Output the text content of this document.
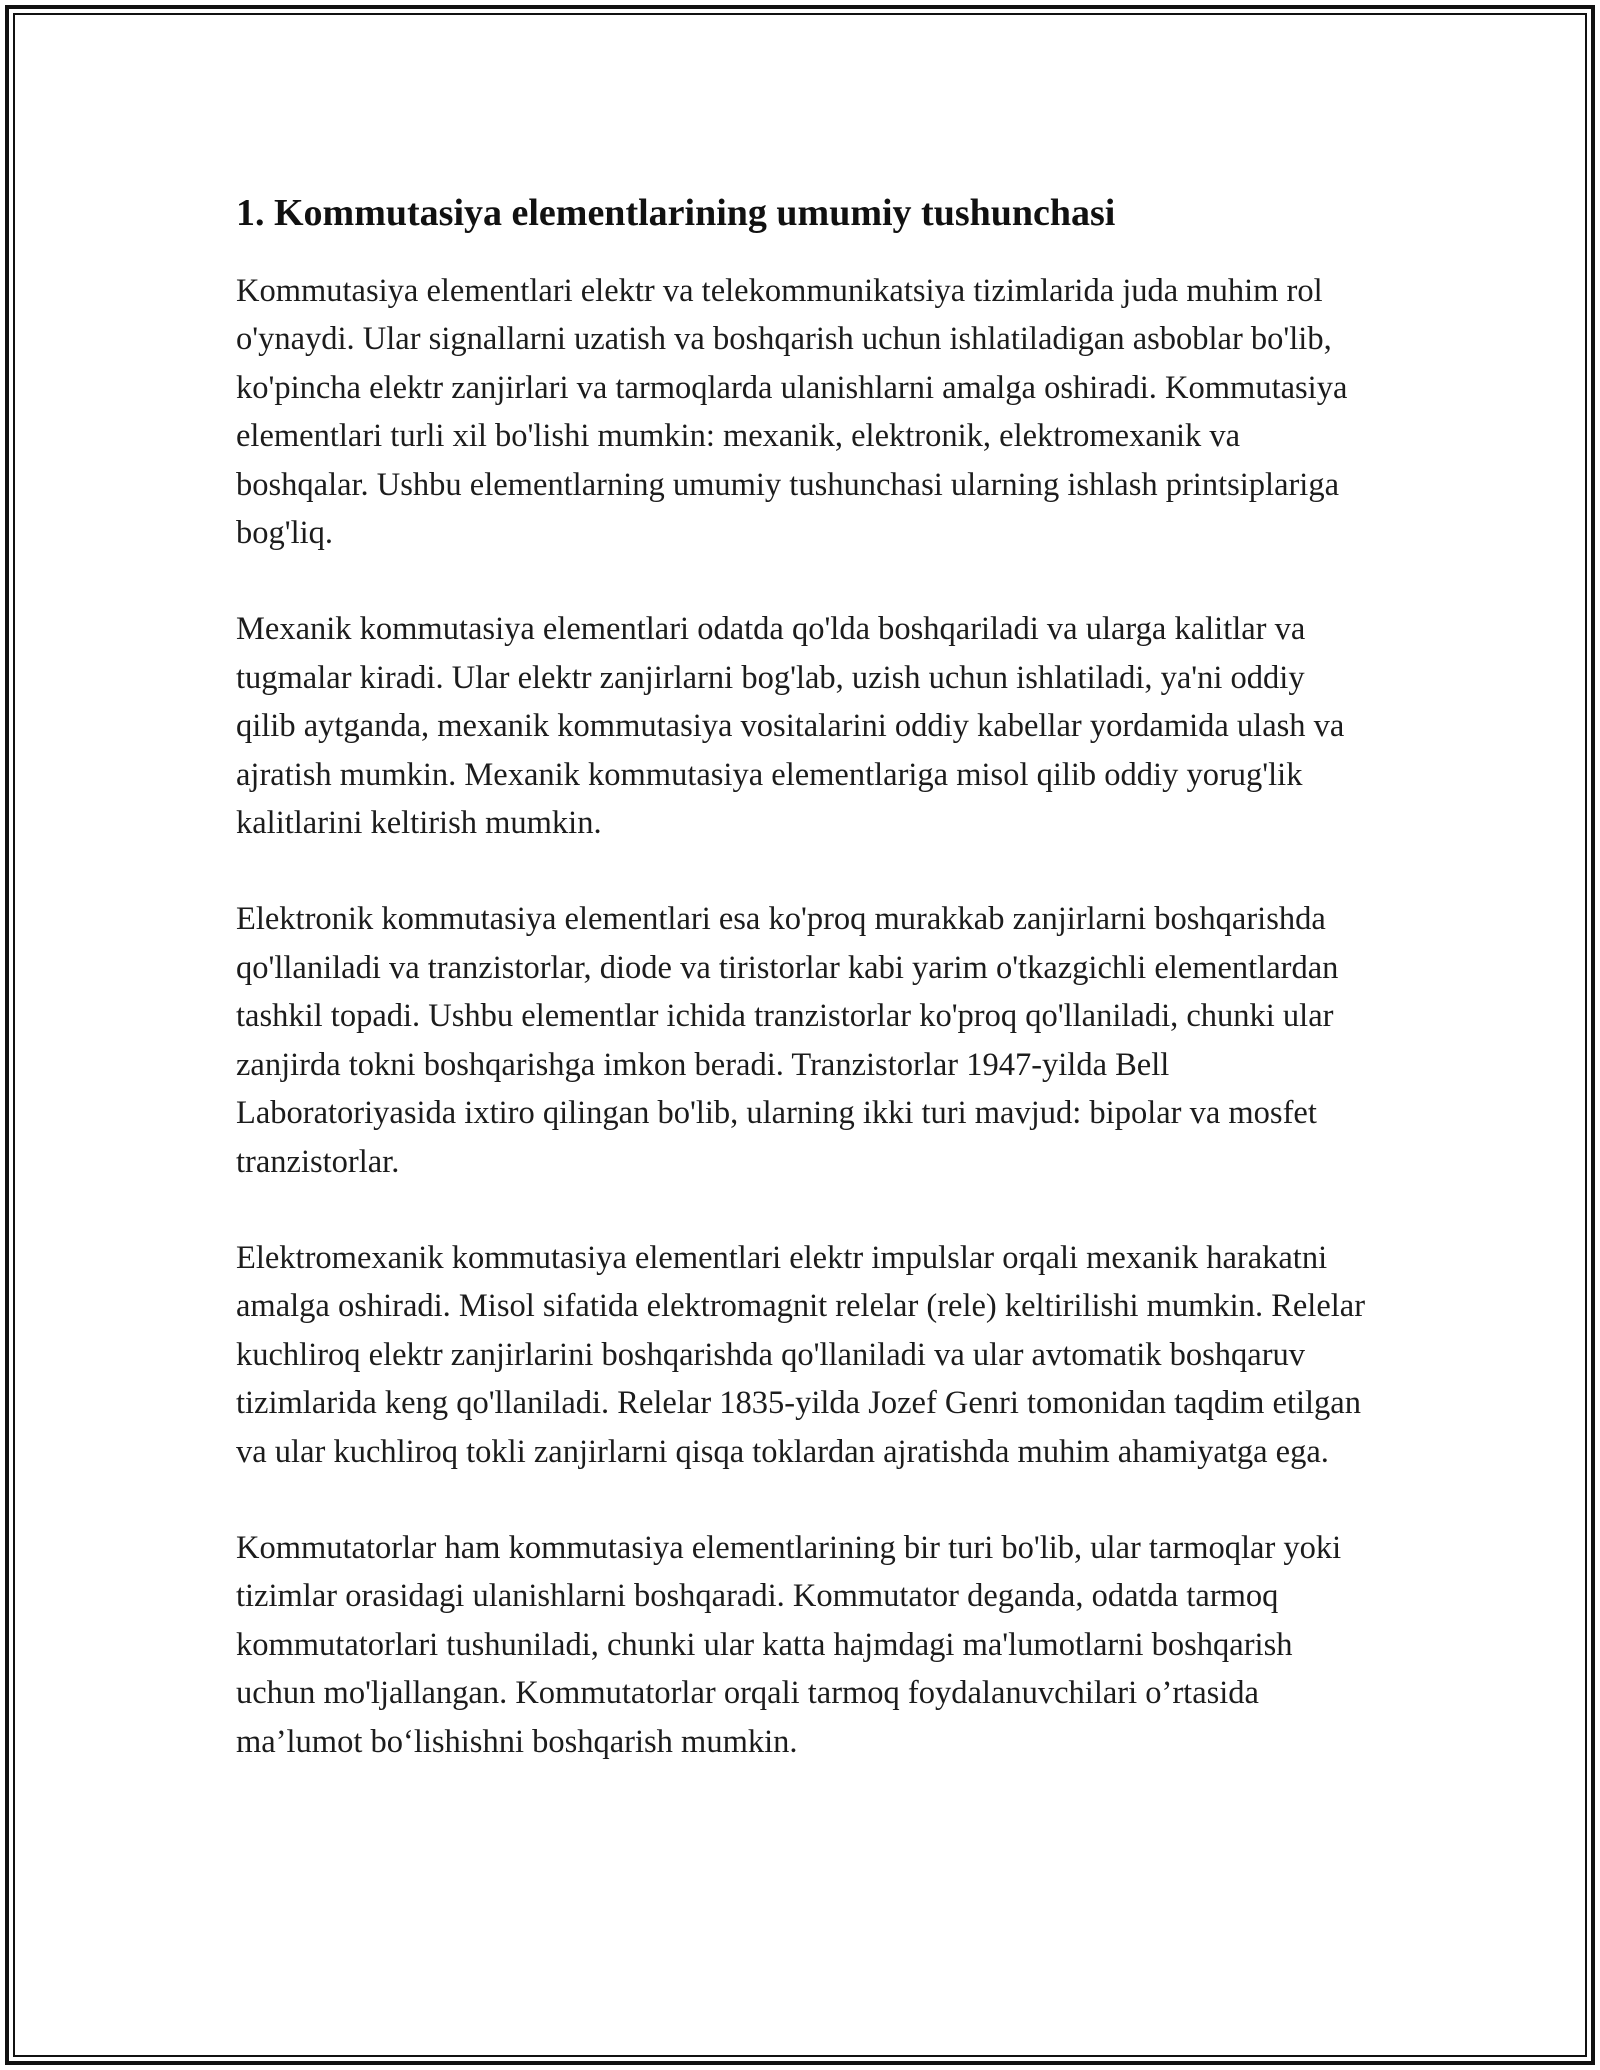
1. Kommutasiya elementlarining umumiy tushunchasi

Kommutasiya elementlari elektr va telekommunikatsiya tizimlarida juda muhim rol o'ynaydi. Ular signallarni uzatish va boshqarish uchun ishlatiladigan asboblar bo'lib, ko'pincha elektr zanjirlari va tarmoqlarda ulanishlarni amalga oshiradi. Kommutasiya elementlari turli xil bo'lishi mumkin: mexanik, elektronik, elektromexanik va boshqalar. Ushbu elementlarning umumiy tushunchasi ularning ishlash printsiplariga bog'liq.

Mexanik kommutasiya elementlari odatda qo'lda boshqariladi va ularga kalitlar va tugmalar kiradi. Ular elektr zanjirlarni bog'lab, uzish uchun ishlatiladi, ya'ni oddiy qilib aytganda, mexanik kommutasiya vositalarini oddiy kabellar yordamida ulash va ajratish mumkin. Mexanik kommutasiya elementlariga misol qilib oddiy yorug'lik kalitlarini keltirish mumkin.

Elektronik kommutasiya elementlari esa ko'proq murakkab zanjirlarni boshqarishda qo'llaniladi va tranzistorlar, diode va tiristorlar kabi yarim o'tkazgichli elementlardan tashkil topadi. Ushbu elementlar ichida tranzistorlar ko'proq qo'llaniladi, chunki ular zanjirda tokni boshqarishga imkon beradi. Tranzistorlar 1947-yilda Bell Laboratoriyasida ixtiro qilingan bo'lib, ularning ikki turi mavjud: bipolar va mosfet tranzistorlar.

Elektromexanik kommutasiya elementlari elektr impulslar orqali mexanik harakatni amalga oshiradi. Misol sifatida elektromagnit relelar (rele) keltirilishi mumkin. Relelar kuchliroq elektr zanjirlarini boshqarishda qo'llaniladi va ular avtomatik boshqaruv tizimlarida keng qo'llaniladi. Relelar 1835-yilda Jozef Genri tomonidan taqdim etilgan va ular kuchliroq tokli zanjirlarni qisqa toklardan ajratishda muhim ahamiyatga ega.

Kommutatorlar ham kommutasiya elementlarining bir turi bo'lib, ular tarmoqlar yoki tizimlar orasidagi ulanishlarni boshqaradi. Kommutator deganda, odatda tarmoq kommutatorlari tushuniladi, chunki ular katta hajmdagi ma'lumotlarni boshqarish uchun mo'ljallangan. Kommutatorlar orqali tarmoq foydalanuvchilari o’rtasida ma’lumot bo‘lishishni boshqarish mumkin.
